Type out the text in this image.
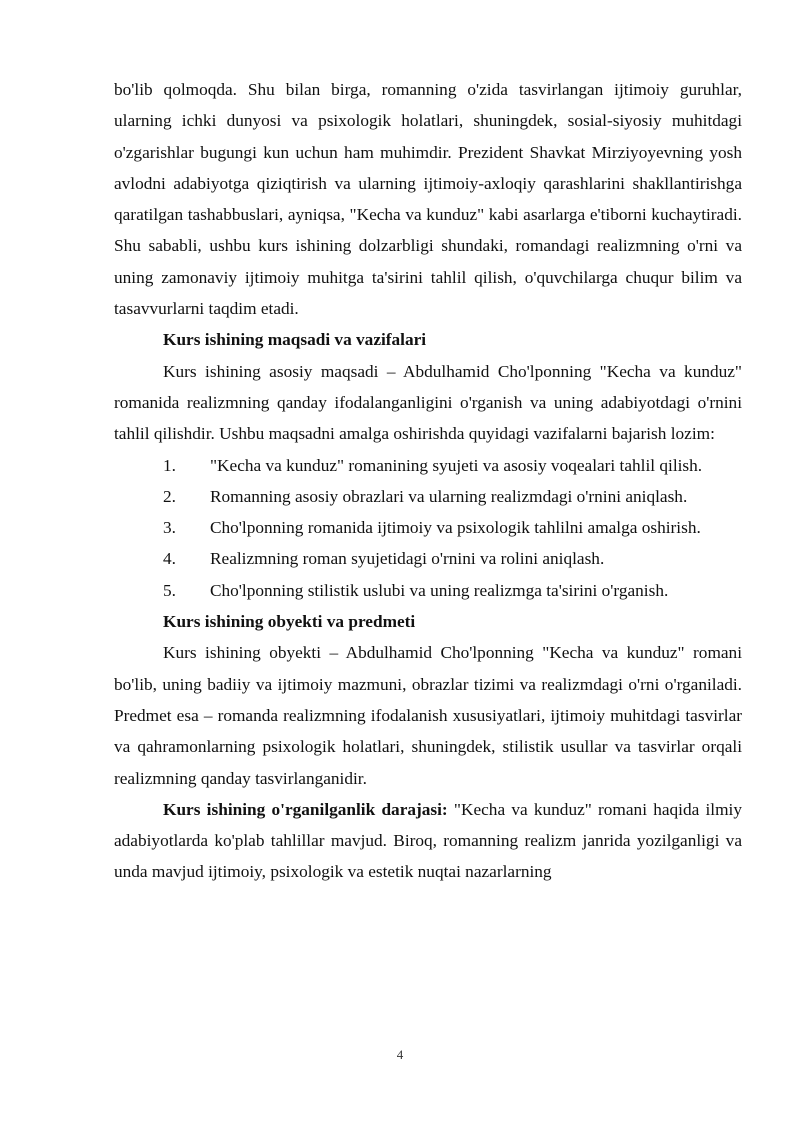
bo'lib qolmoqda. Shu bilan birga, romanning o'zida tasvirlangan ijtimoiy guruhlar, ularning ichki dunyosi va psixologik holatlari, shuningdek, sosial-siyosiy muhitdagi o'zgarishlar bugungi kun uchun ham muhimdir. Prezident Shavkat Mirziyoyevning yosh avlodni adabiyotga qiziqtirish va ularning ijtimoiy-axloqiy qarashlarini shakllantirishga qaratilgan tashabbuslari, ayniqsa, "Kecha va kunduz" kabi asarlarga e'tiborni kuchaytiradi. Shu sababli, ushbu kurs ishining dolzarbligi shundaki, romandagi realizmning o'rni va uning zamonaviy ijtimoiy muhitga ta'sirini tahlil qilish, o'quvchilarga chuqur bilim va tasavvurlarni taqdim etadi.

Kurs ishining maqsadi va vazifalari

Kurs ishining asosiy maqsadi – Abdulhamid Cho'lponning "Kecha va kunduz" romanida realizmning qanday ifodalanganligini o'rganish va uning adabiyotdagi o'rnini tahlil qilishdir. Ushbu maqsadni amalga oshirishda quyidagi vazifalarni bajarish lozim:

1. "Kecha va kunduz" romanining syujeti va asosiy voqealari tahlil qilish.

2. Romanning asosiy obrazlari va ularning realizmdagi o'rnini aniqlash.

3. Cho'lponning romanida ijtimoiy va psixologik tahlilni amalga oshirish.

4. Realizmning roman syujetidagi o'rnini va rolini aniqlash.

5. Cho'lponning stilistik uslubi va uning realizmga ta'sirini o'rganish.

Kurs ishining obyekti va predmeti

Kurs ishining obyekti – Abdulhamid Cho'lponning "Kecha va kunduz" romani bo'lib, uning badiiy va ijtimoiy mazmuni, obrazlar tizimi va realizmdagi o'rni o'rganiladi. Predmet esa – romanda realizmning ifodalanish xususiyatlari, ijtimoiy muhitdagi tasvirlar va qahramonlarning psixologik holatlari, shuningdek, stilistik usullar va tasvirlar orqali realizmning qanday tasvirlanganidir.

Kurs ishining o'rganilganlik darajasi: "Kecha va kunduz" romani haqida ilmiy adabiyotlarda ko'plab tahlillar mavjud. Biroq, romanning realizm janrida yozilganligi va unda mavjud ijtimoiy, psixologik va estetik nuqtai nazarlarning

4
